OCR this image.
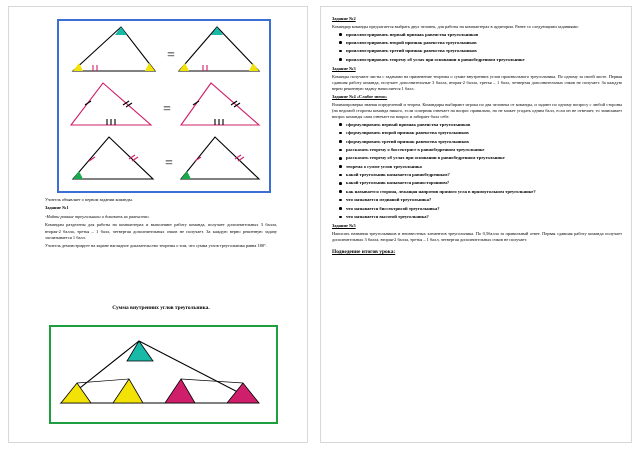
=
=
=

Учитель объявляет о первом задании команды.

Задание №1

-Найти равные треугольники и доказать их равенство.

Командам разделены для работы на компьютерах и выполняют работу команда, получает дополнительных 3 балла, вторая-2 балла, третья – 1 балл, четвертая дополнительных очков не получает. За каждую верно решенную задачу засчитывается 1 балл.

Учитель демонстрирует на экране наглядное доказательство теоремы о том, что сумма углов треугольника равна 180°.

Сумма внутренних углов треугольника.

Задание №2

Командир команды предлагается выбрать двух человек, для работы на компьютерах в аудитории. Ранее со следующими заданиями:

проиллюстрировать первый признак равенства треугольников
проиллюстрировать второй признак равенства треугольников
проиллюстрировать третий признак равенства треугольников
проиллюстрировать теорему об углах при основании в равнобедренном треугольнике

Задание №3

Команды получают листы с задачами на применение теоремы о сумме внутренних углов произвольного треугольника. По одному за своей листе. Первая сдавшая работу команда, получает дополнительные 3 балла, вторая-2 балла, третья – 1 балл, четвертая дополнительных очков не получает. За каждую верно решенную задачу начисляется 1 балл.

Задание №4 «Слабое звено»

Взаимопроверка знания определений и теорем. Командиры выбирают игрока по два человека от команды, и задают по одному вопросу с любой стороны (на ведомой стороны команда никого, если соперник отвечает на вопрос правильно, но не может угадать одним балл, если он не отвечает, то записывает вопрос команды сама отвечает на вопрос и забирает балл себе.

сформулировать первый признак равенства треугольников
сформулировать второй признак равенства треугольников
сформулировать третий признак равенства треугольников
рассказать теорему о биссектрисе в равнобедренном треугольнике
рассказать теорему об углах при основании в равнобедренном треугольнике
теорема о сумме углов треугольника
какой треугольник называется равнобедренным?
какой треугольник называется равносторонним?
как называется сторона, лежащая напротив прямого угла в прямоугольном треугольнике?
что называется медианой треугольника?
что называется биссектрисой треугольника?
что называется высотой треугольника?

Задание №5

Написать названия треугольников и неизвестных элементов треугольника. По 0,5балла за правильный ответ. Первая сдавшая работу команда получает дополнительных 3 балла, вторая-2 балла, третья – 1 балл, четвертая дополнительных очков не получает.

Подведение итогов урока:
